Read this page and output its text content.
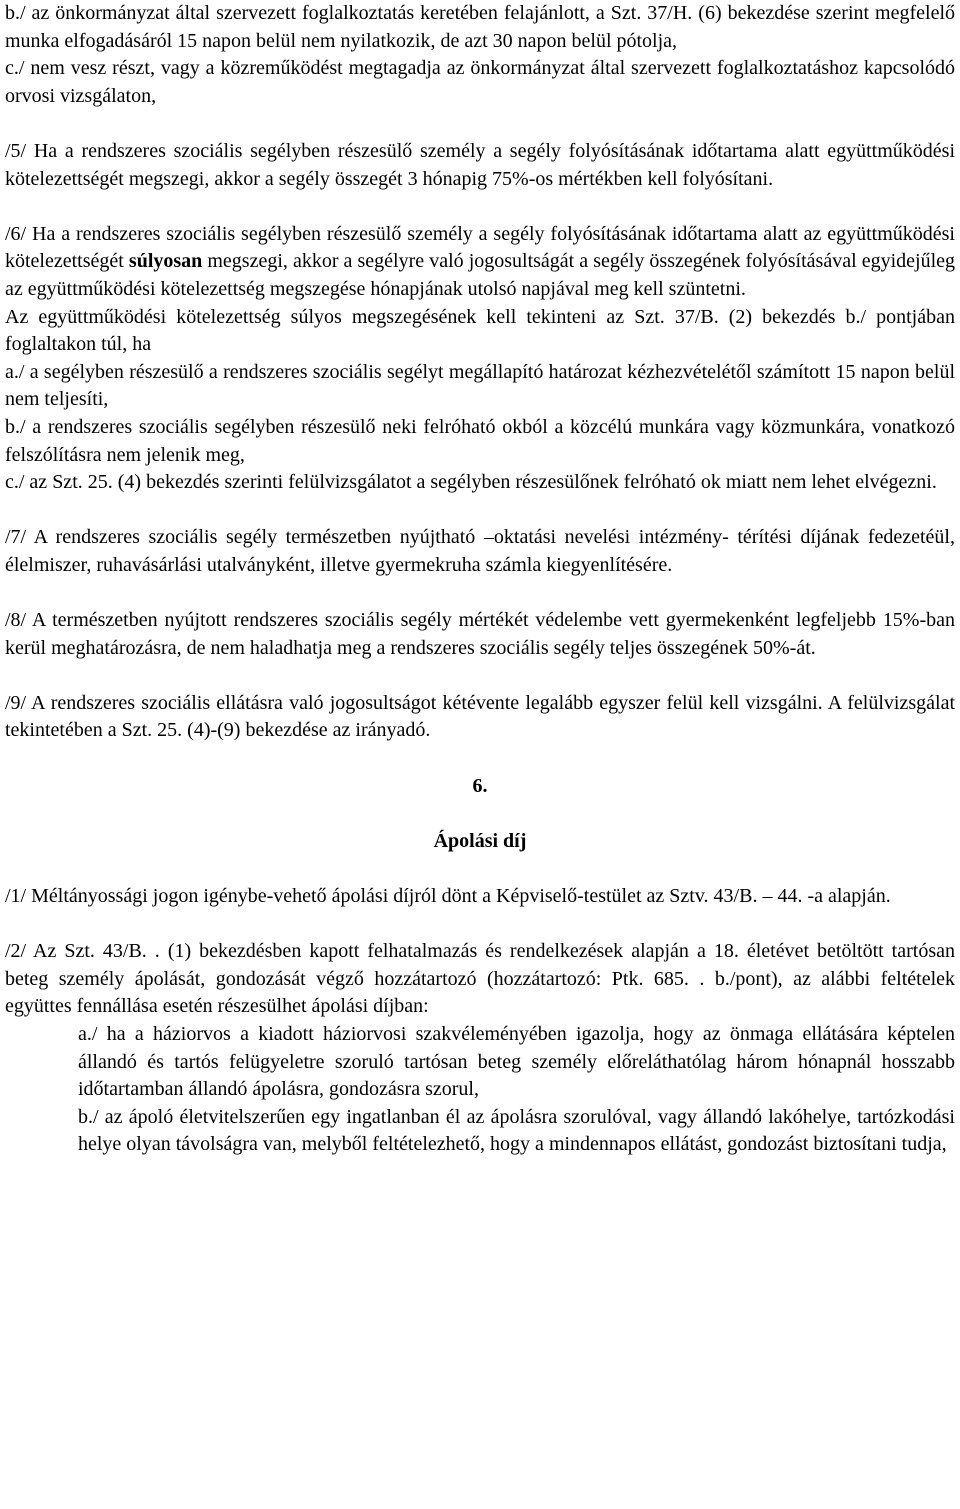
b./ az önkormányzat által szervezett foglalkoztatás keretében felajánlott, a Szt. 37/H. (6) bekezdése szerint megfelelő munka elfogadásáról 15 napon belül nem nyilatkozik, de azt 30 napon belül pótolja,

c./ nem vesz részt, vagy a közreműködést megtagadja az önkormányzat által szervezett foglalkoztatáshoz kapcsolódó orvosi vizsgálaton,

/5/ Ha a rendszeres szociális segélyben részesülő személy a segély folyósításának időtartama alatt együttműködési kötelezettségét megszegi, akkor a segély összegét 3 hónapig 75%-os mértékben kell folyósítani.

/6/ Ha a rendszeres szociális segélyben részesülő személy a segély folyósításának időtartama alatt az együttműködési kötelezettségét súlyosan megszegi, akkor a segélyre való jogosultságát a segély összegének folyósításával egyidejűleg az együttműködési kötelezettség megszegése hónapjának utolsó napjával meg kell szüntetni.

Az együttműködési kötelezettség súlyos megszegésének kell tekinteni az Szt. 37/B. (2) bekezdés b./ pontjában foglaltakon túl, ha

a./ a segélyben részesülő a rendszeres szociális segélyt megállapító határozat kézhezvételétől számított 15 napon belül nem teljesíti,

b./ a rendszeres szociális segélyben részesülő neki felróható okból a közcélú munkára vagy közmunkára, vonatkozó felszólításra nem jelenik meg,

c./ az Szt. 25. (4) bekezdés szerinti felülvizsgálatot a segélyben részesülőnek felróható ok miatt nem lehet elvégezni.

/7/ A rendszeres szociális segély természetben nyújtható –oktatási nevelési intézmény- térítési díjának fedezetéül, élelmiszer, ruhavásárlási utalványként, illetve gyermekruha számla kiegyenlítésére.

/8/ A természetben nyújtott rendszeres szociális segély mértékét védelembe vett gyermekenként legfeljebb 15%-ban kerül meghatározásra, de nem haladhatja meg a rendszeres szociális segély teljes összegének 50%-át.

/9/ A rendszeres szociális ellátásra való jogosultságot kétévente legalább egyszer felül kell vizsgálni. A felülvizsgálat tekintetében a Szt. 25. (4)-(9) bekezdése az irányadó.

6.

Ápolási díj

/1/ Méltányossági jogon igénybe-vehető ápolási díjról dönt a Képviselő-testület az Sztv. 43/B. – 44. -a alapján.

/2/ Az Szt. 43/B. . (1) bekezdésben kapott felhatalmazás és rendelkezések alapján a 18. életévet betöltött tartósan beteg személy ápolását, gondozását végző hozzátartozó (hozzátartozó: Ptk. 685. . b./pont), az alábbi feltételek együttes fennállása esetén részesülhet ápolási díjban:

a./ ha a háziorvos a kiadott háziorvosi szakvéleményében igazolja, hogy az önmaga ellátására képtelen állandó és tartós felügyeletre szoruló tartósan beteg személy előreláthatólag három hónapnál hosszabb időtartamban állandó ápolásra, gondozásra szorul,

b./ az ápoló életvitelszerűen egy ingatlanban él az ápolásra szorulóval, vagy állandó lakóhelye, tartózkodási helye olyan távolságra van, melyből feltételezhető, hogy a mindennapos ellátást, gondozást biztosítani tudja,
